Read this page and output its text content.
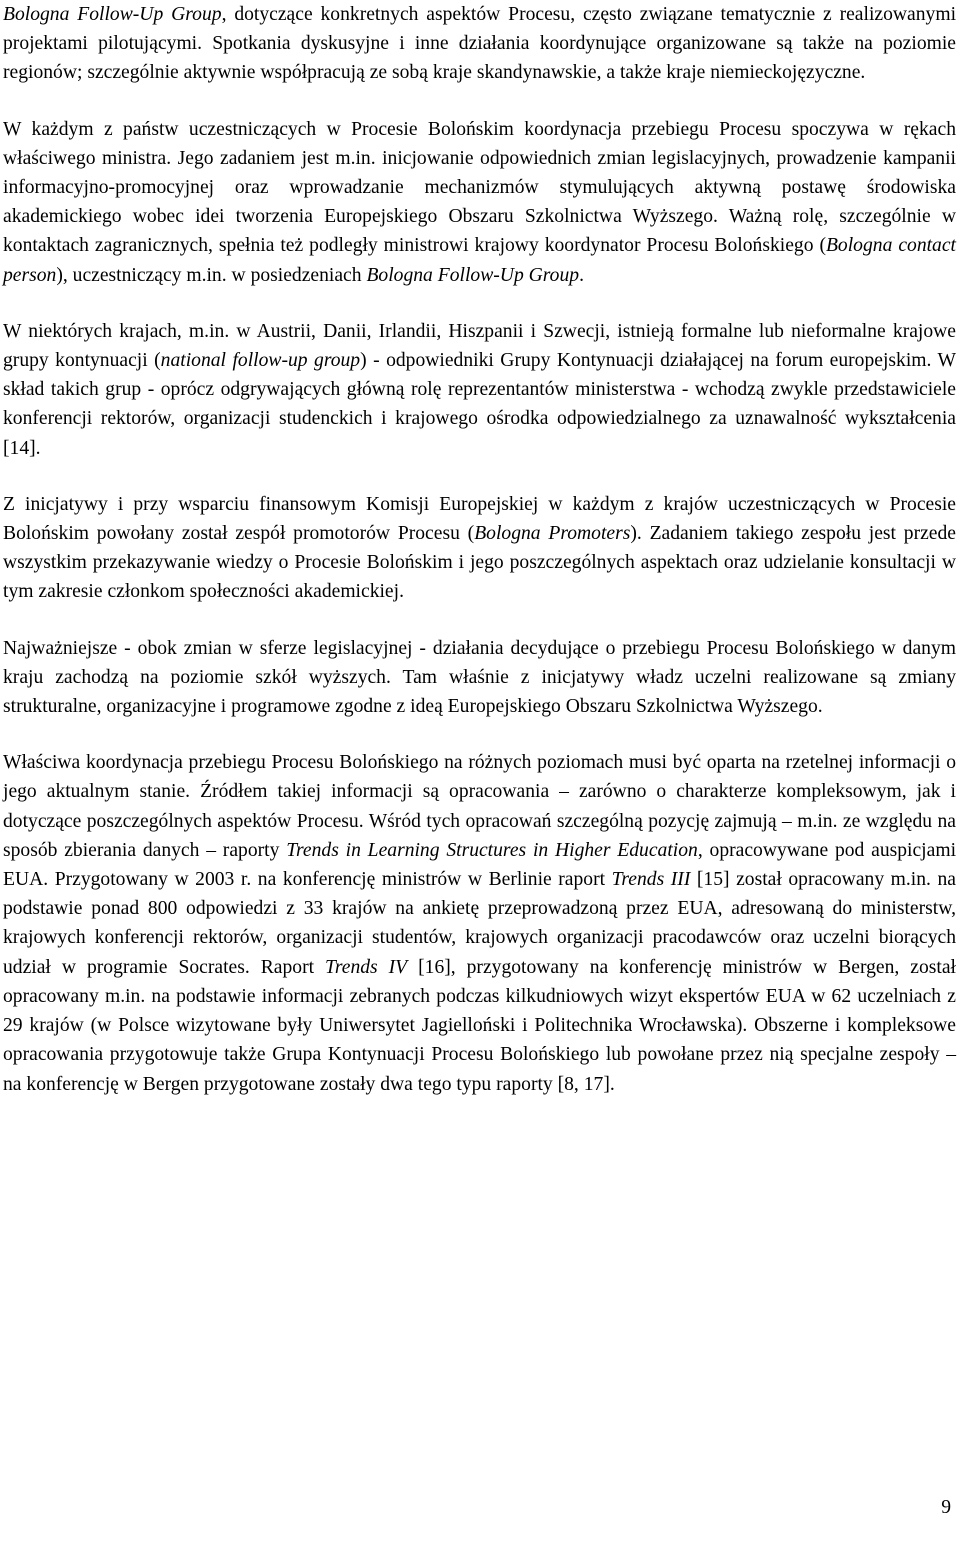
Bologna Follow-Up Group, dotyczące konkretnych aspektów Procesu, często związane tematycznie z realizowanymi projektami pilotującymi. Spotkania dyskusyjne i inne działania koordynujące organizowane są także na poziomie regionów; szczególnie aktywnie współpracują ze sobą kraje skandynawskie, a także kraje niemieckojęzyczne.

W każdym z państw uczestniczących w Procesie Bolońskim koordynacja przebiegu Procesu spoczywa w rękach właściwego ministra. Jego zadaniem jest m.in. inicjowanie odpowiednich zmian legislacyjnych, prowadzenie kampanii informacyjno-promocyjnej oraz wprowadzanie mechanizmów stymulujących aktywną postawę środowiska akademickiego wobec idei tworzenia Europejskiego Obszaru Szkolnictwa Wyższego. Ważną rolę, szczególnie w kontaktach zagranicznych, spełnia też podległy ministrowi krajowy koordynator Procesu Bolońskiego (Bologna contact person), uczestniczący m.in. w posiedzeniach Bologna Follow-Up Group.

W niektórych krajach, m.in. w Austrii, Danii, Irlandii, Hiszpanii i Szwecji, istnieją formalne lub nieformalne krajowe grupy kontynuacji (national follow-up group) - odpowiedniki Grupy Kontynuacji działającej na forum europejskim. W skład takich grup - oprócz odgrywających główną rolę reprezentantów ministerstwa - wchodzą zwykle przedstawiciele konferencji rektorów, organizacji studenckich i krajowego ośrodka odpowiedzialnego za uznawalność wykształcenia [14].

Z inicjatywy i przy wsparciu finansowym Komisji Europejskiej w każdym z krajów uczestniczących w Procesie Bolońskim powołany został zespół promotorów Procesu (Bologna Promoters). Zadaniem takiego zespołu jest przede wszystkim przekazywanie wiedzy o Procesie Bolońskim i jego poszczególnych aspektach oraz udzielanie konsultacji w tym zakresie członkom społeczności akademickiej.

Najważniejsze - obok zmian w sferze legislacyjnej - działania decydujące o przebiegu Procesu Bolońskiego w danym kraju zachodzą na poziomie szkół wyższych. Tam właśnie z inicjatywy władz uczelni realizowane są zmiany strukturalne, organizacyjne i programowe zgodne z ideą Europejskiego Obszaru Szkolnictwa Wyższego.

Właściwa koordynacja przebiegu Procesu Bolońskiego na różnych poziomach musi być oparta na rzetelnej informacji o jego aktualnym stanie. Źródłem takiej informacji są opracowania – zarówno o charakterze kompleksowym, jak i dotyczące poszczególnych aspektów Procesu. Wśród tych opracowań szczególną pozycję zajmują – m.in. ze względu na sposób zbierania danych – raporty Trends in Learning Structures in Higher Education, opracowywane pod auspicjami EUA. Przygotowany w 2003 r. na konferencję ministrów w Berlinie raport Trends III [15] został opracowany m.in. na podstawie ponad 800 odpowiedzi z 33 krajów na ankietę przeprowadzoną przez EUA, adresowaną do ministerstw, krajowych konferencji rektorów, organizacji studentów, krajowych organizacji pracodawców oraz uczelni biorących udział w programie Socrates. Raport Trends IV [16], przygotowany na konferencję ministrów w Bergen, został opracowany m.in. na podstawie informacji zebranych podczas kilkudniowych wizyt ekspertów EUA w 62 uczelniach z 29 krajów (w Polsce wizytowane były Uniwersytet Jagielloński i Politechnika Wrocławska). Obszerne i kompleksowe opracowania przygotowuje także Grupa Kontynuacji Procesu Bolońskiego lub powołane przez nią specjalne zespoły – na konferencję w Bergen przygotowane zostały dwa tego typu raporty [8, 17].

9
